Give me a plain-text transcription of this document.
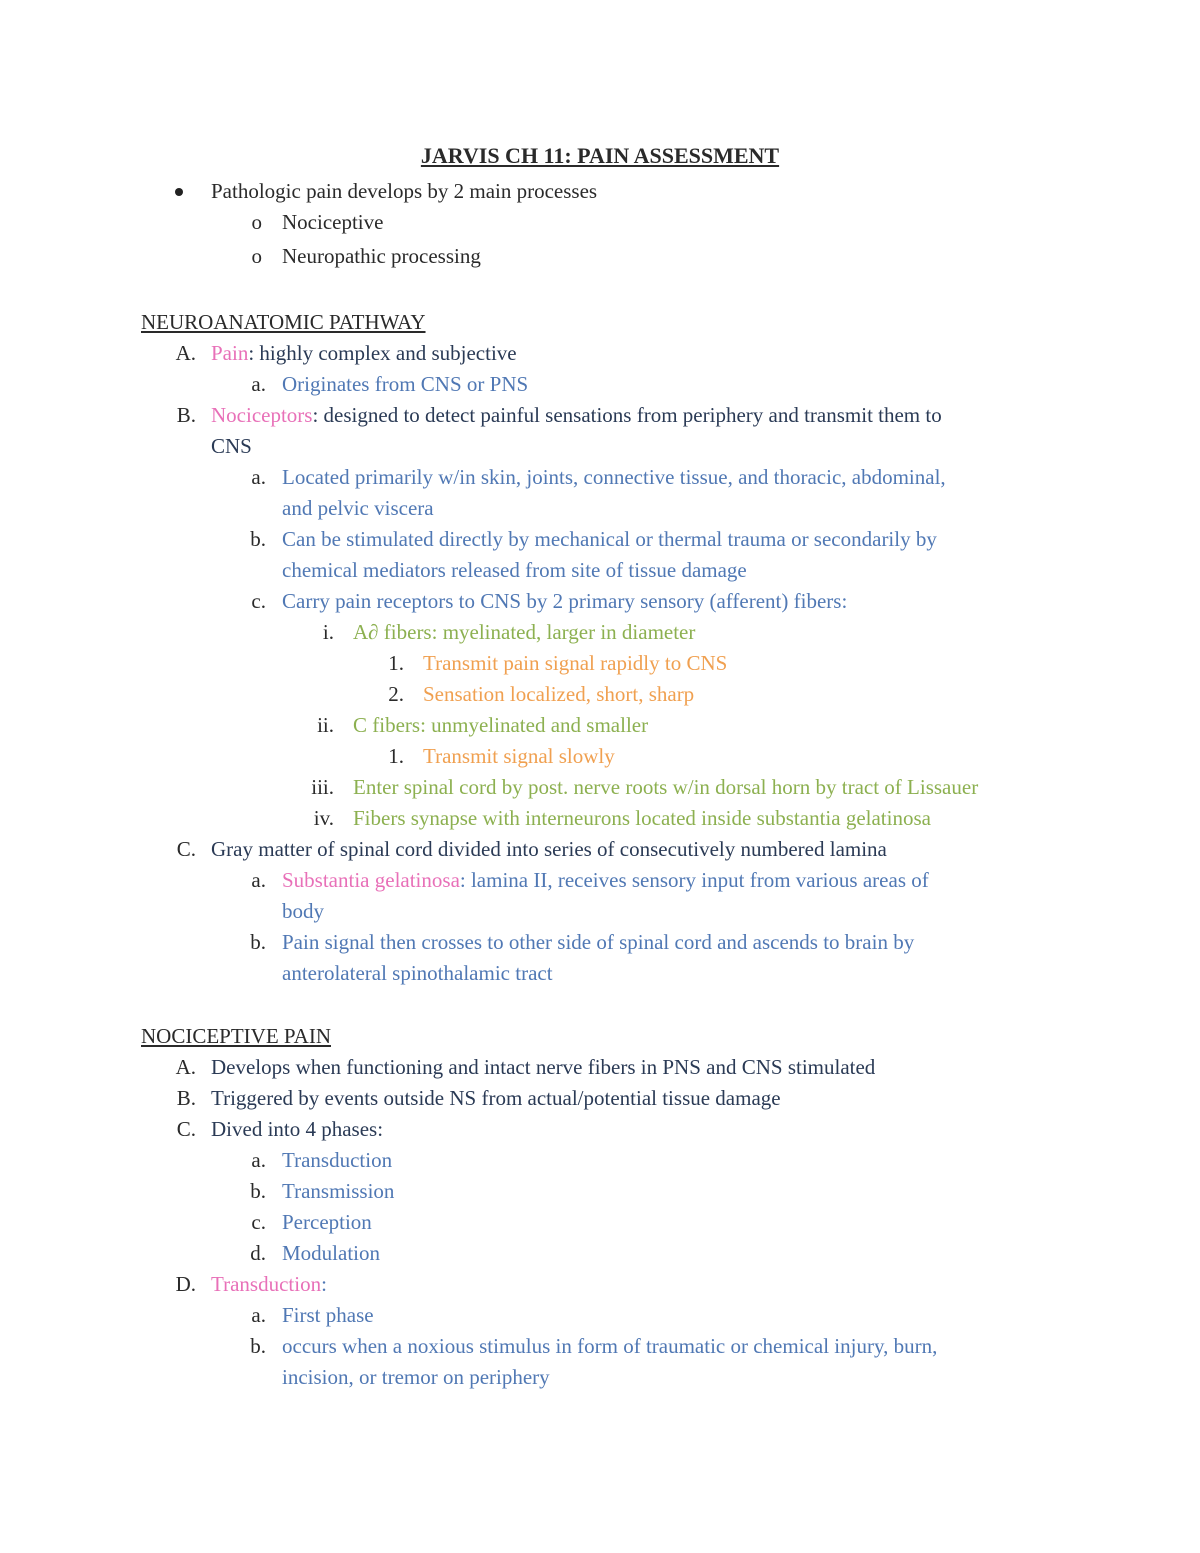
JARVIS CH 11: PAIN ASSESSMENT
Pathologic pain develops by 2 main processes
o Nociceptive
o Neuropathic processing
NEUROANATOMIC PATHWAY
A. Pain: highly complex and subjective
a. Originates from CNS or PNS
B. Nociceptors: designed to detect painful sensations from periphery and transmit them to
CNS
a. Located primarily w/in skin, joints, connective tissue, and thoracic, abdominal,
and pelvic viscera
b. Can be stimulated directly by mechanical or thermal trauma or secondarily by
chemical mediators released from site of tissue damage
c. Carry pain receptors to CNS by 2 primary sensory (afferent) fibers:
i. A∂ fibers: myelinated, larger in diameter
1. Transmit pain signal rapidly to CNS
2. Sensation localized, short, sharp
ii. C fibers: unmyelinated and smaller
1. Transmit signal slowly
iii. Enter spinal cord by post. nerve roots w/in dorsal horn by tract of Lissauer
iv. Fibers synapse with interneurons located inside substantia gelatinosa
C. Gray matter of spinal cord divided into series of consecutively numbered lamina
a. Substantia gelatinosa: lamina II, receives sensory input from various areas of
body
b. Pain signal then crosses to other side of spinal cord and ascends to brain by
anterolateral spinothalamic tract
NOCICEPTIVE PAIN
A. Develops when functioning and intact nerve fibers in PNS and CNS stimulated
B. Triggered by events outside NS from actual/potential tissue damage
C. Dived into 4 phases:
a. Transduction
b. Transmission
c. Perception
d. Modulation
D. Transduction:
a. First phase
b. occurs when a noxious stimulus in form of traumatic or chemical injury, burn,
incision, or tremor on periphery
